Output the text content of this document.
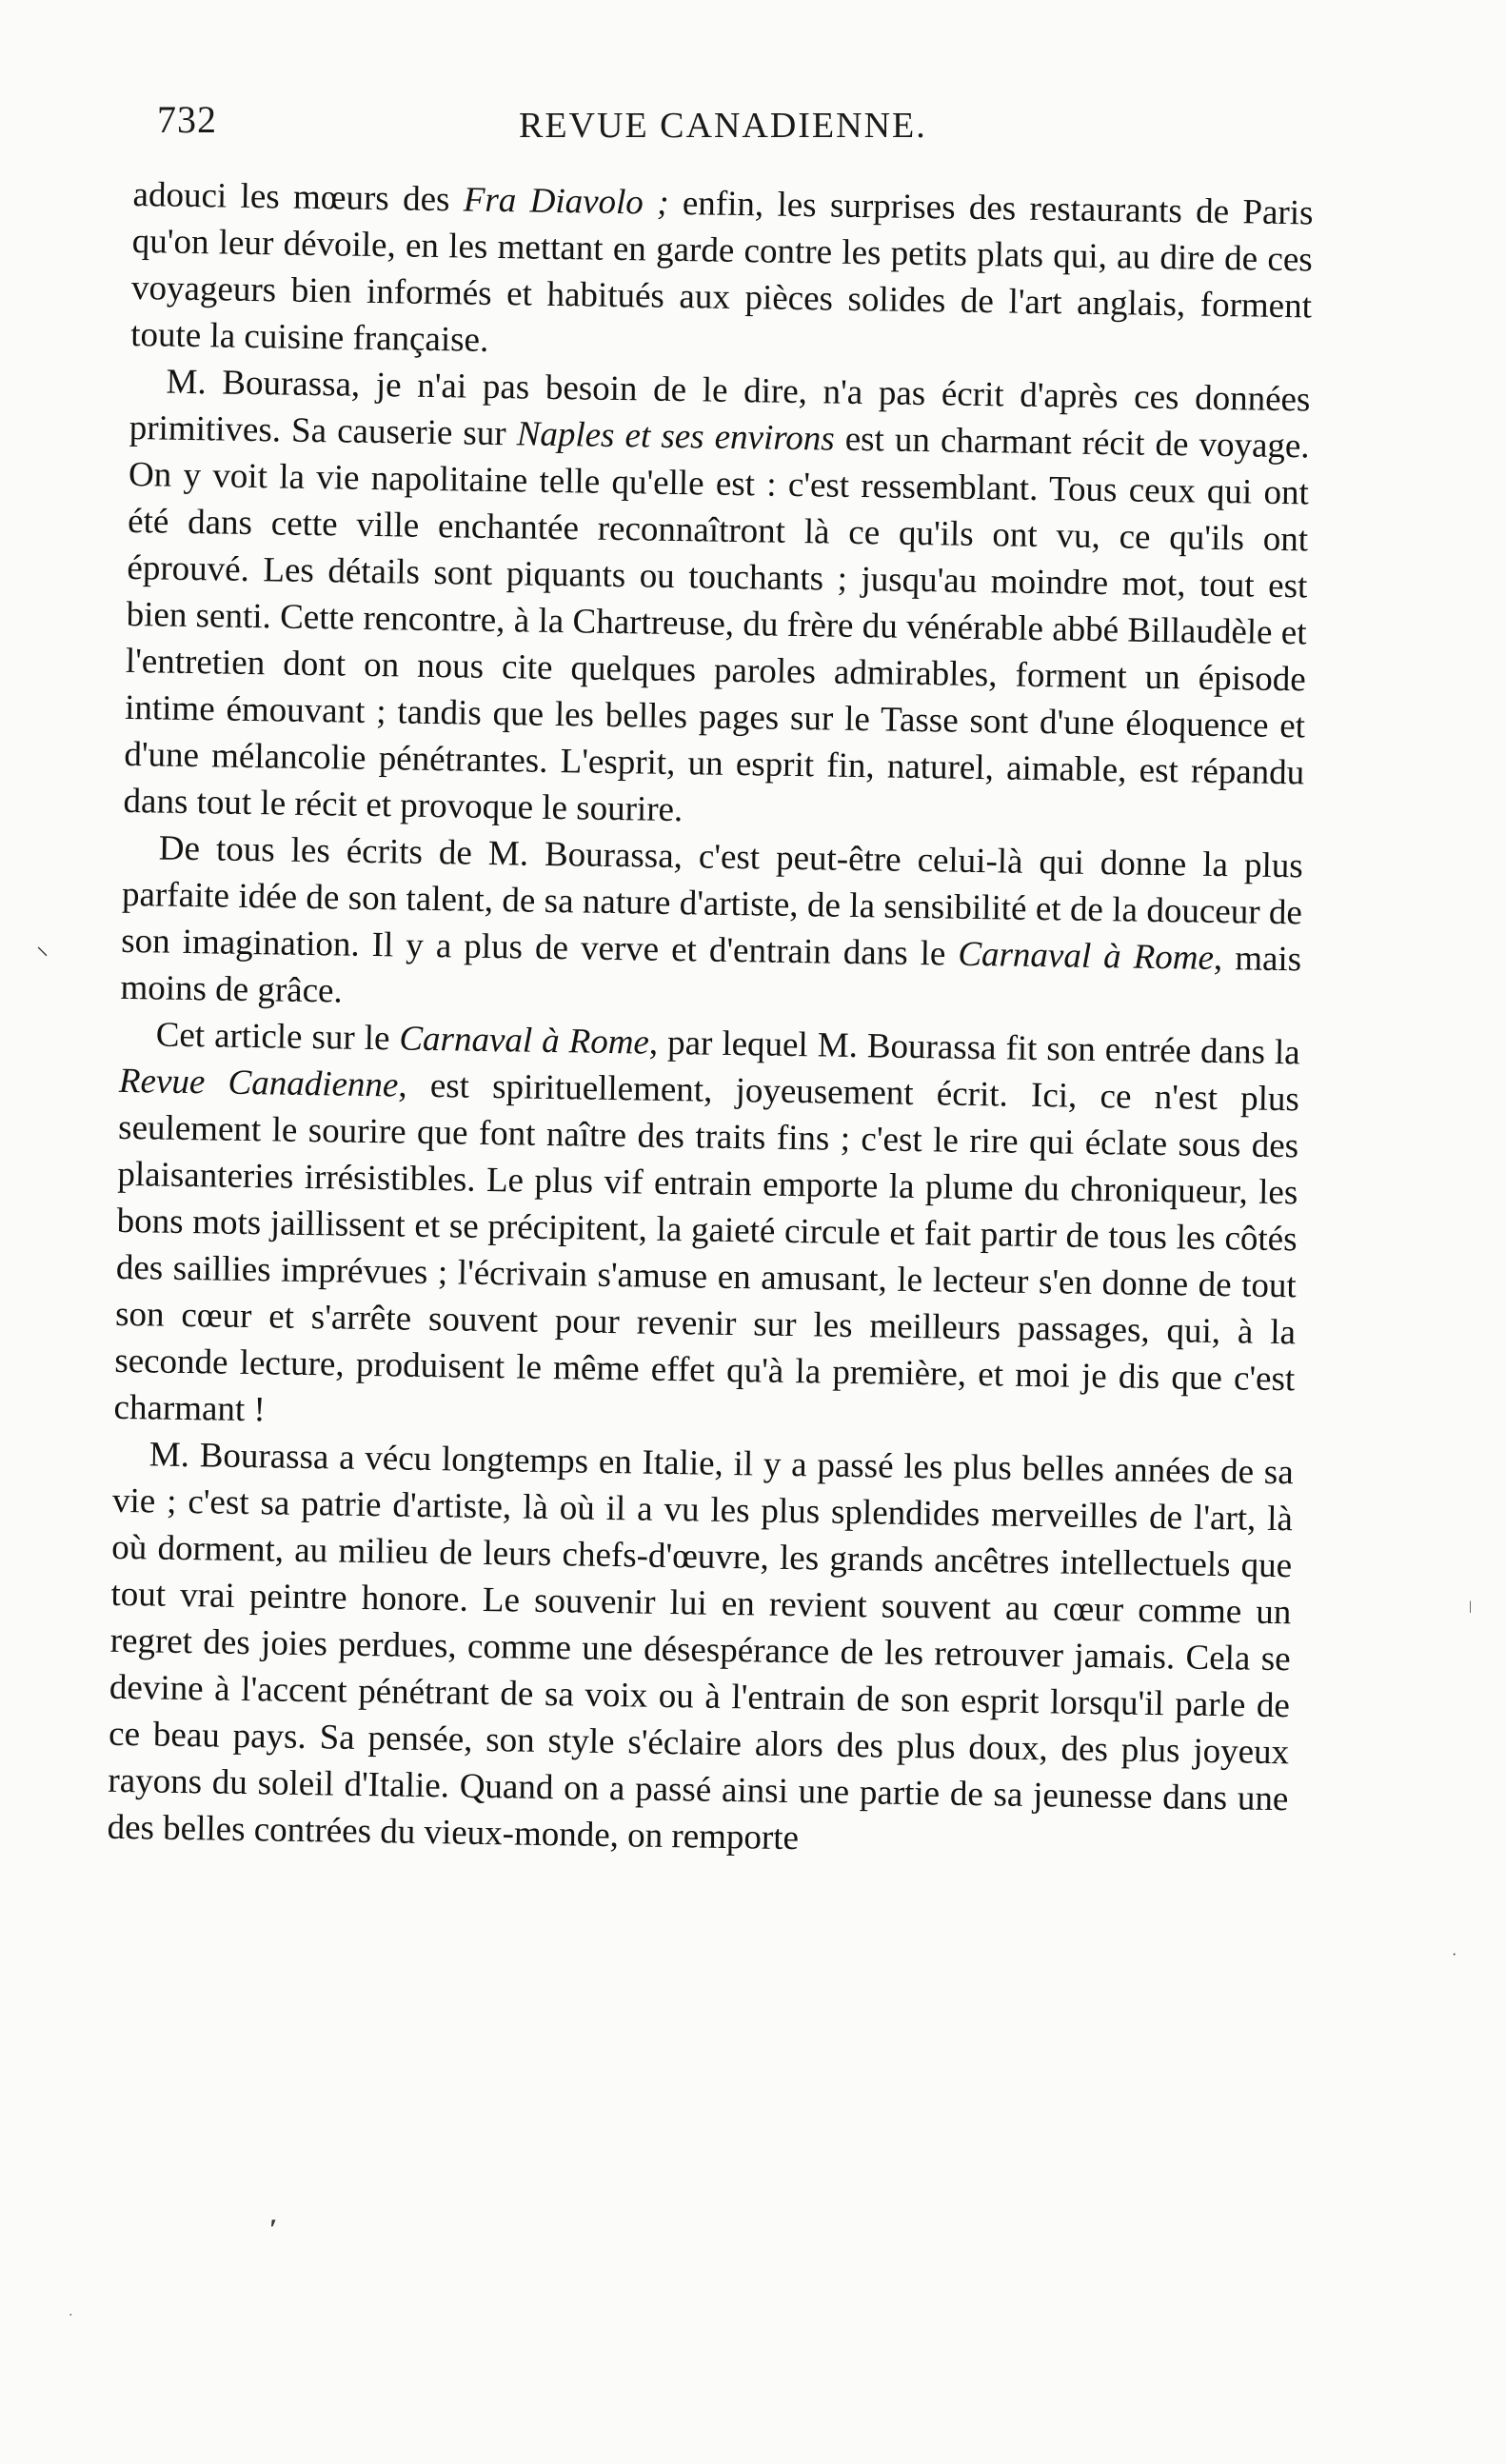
732	REVUE CANADIENNE.

adouci les mœurs des Fra Diavolo ; enfin, les surprises des restaurants de Paris qu'on leur dévoile, en les mettant en garde contre les petits plats qui, au dire de ces voyageurs bien informés et habitués aux pièces solides de l'art anglais, forment toute la cuisine française.

M. Bourassa, je n'ai pas besoin de le dire, n'a pas écrit d'après ces données primitives. Sa causerie sur Naples et ses environs est un charmant récit de voyage. On y voit la vie napolitaine telle qu'elle est : c'est ressemblant. Tous ceux qui ont été dans cette ville enchantée reconnaîtront là ce qu'ils ont vu, ce qu'ils ont éprouvé. Les détails sont piquants ou touchants ; jusqu'au moindre mot, tout est bien senti. Cette rencontre, à la Chartreuse, du frère du vénérable abbé Billaudèle et l'entretien dont on nous cite quelques paroles admirables, forment un épisode intime émouvant ; tandis que les belles pages sur le Tasse sont d'une éloquence et d'une mélancolie pénétrantes. L'esprit, un esprit fin, naturel, aimable, est répandu dans tout le récit et provoque le sourire.

De tous les écrits de M. Bourassa, c'est peut-être celui-là qui donne la plus parfaite idée de son talent, de sa nature d'artiste, de la sensibilité et de la douceur de son imagination. Il y a plus de verve et d'entrain dans le Carnaval à Rome, mais moins de grâce.

Cet article sur le Carnaval à Rome, par lequel M. Bourassa fit son entrée dans la Revue Canadienne, est spirituellement, joyeusement écrit. Ici, ce n'est plus seulement le sourire que font naître des traits fins ; c'est le rire qui éclate sous des plaisanteries irrésistibles. Le plus vif entrain emporte la plume du chroniqueur, les bons mots jaillissent et se précipitent, la gaieté circule et fait partir de tous les côtés des saillies imprévues ; l'écrivain s'amuse en amusant, le lecteur s'en donne de tout son cœur et s'arrête souvent pour revenir sur les meilleurs passages, qui, à la seconde lecture, produisent le même effet qu'à la première, et moi je dis que c'est charmant !

M. Bourassa a vécu longtemps en Italie, il y a passé les plus belles années de sa vie ; c'est sa patrie d'artiste, là où il a vu les plus splendides merveilles de l'art, là où dorment, au milieu de leurs chefs-d'œuvre, les grands ancêtres intellectuels que tout vrai peintre honore. Le souvenir lui en revient souvent au cœur comme un regret des joies perdues, comme une désespérance de les retrouver jamais. Cela se devine à l'accent pénétrant de sa voix ou à l'entrain de son esprit lorsqu'il parle de ce beau pays. Sa pensée, son style s'éclaire alors des plus doux, des plus joyeux rayons du soleil d'Italie. Quand on a passé ainsi une partie de sa jeunesse dans une des belles contrées du vieux-monde, on remporte

⸌
ʹ
·
|
·
